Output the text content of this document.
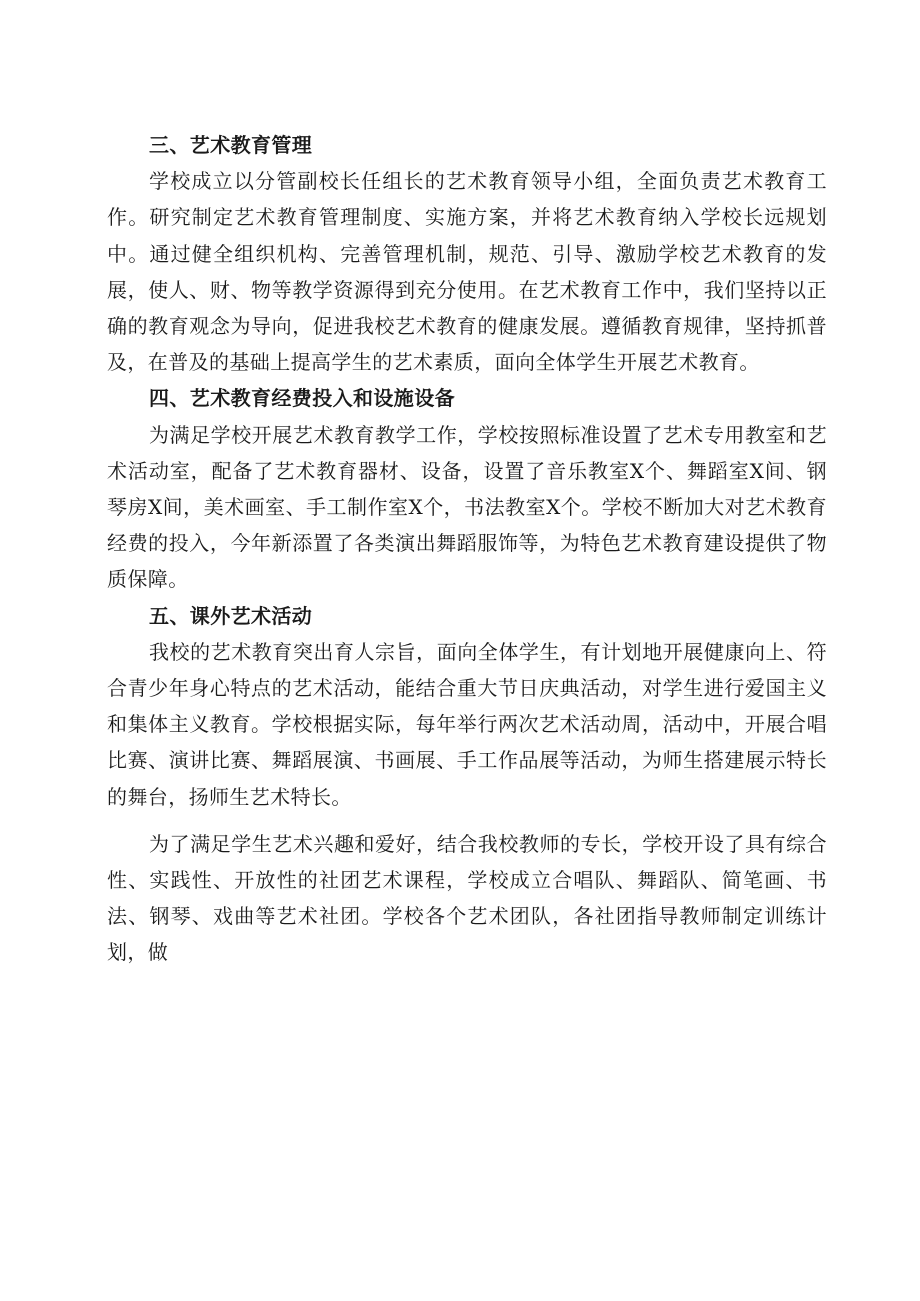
三、艺术教育管理

学校成立以分管副校长任组长的艺术教育领导小组，全面负责艺术教育工作。研究制定艺术教育管理制度、实施方案，并将艺术教育纳入学校长远规划中。通过健全组织机构、完善管理机制，规范、引导、激励学校艺术教育的发展，使人、财、物等教学资源得到充分使用。在艺术教育工作中，我们坚持以正确的教育观念为导向，促进我校艺术教育的健康发展。遵循教育规律，坚持抓普及，在普及的基础上提高学生的艺术素质，面向全体学生开展艺术教育。

四、艺术教育经费投入和设施设备

为满足学校开展艺术教育教学工作，学校按照标准设置了艺术专用教室和艺术活动室，配备了艺术教育器材、设备，设置了音乐教室X个、舞蹈室X间、钢琴房X间，美术画室、手工制作室X个，书法教室X个。学校不断加大对艺术教育经费的投入，今年新添置了各类演出舞蹈服饰等，为特色艺术教育建设提供了物质保障。

五、课外艺术活动

我校的艺术教育突出育人宗旨，面向全体学生，有计划地开展健康向上、符合青少年身心特点的艺术活动，能结合重大节日庆典活动，对学生进行爱国主义和集体主义教育。学校根据实际，每年举行两次艺术活动周，活动中，开展合唱比赛、演讲比赛、舞蹈展演、书画展、手工作品展等活动，为师生搭建展示特长的舞台，扬师生艺术特长。

为了满足学生艺术兴趣和爱好，结合我校教师的专长，学校开设了具有综合性、实践性、开放性的社团艺术课程，学校成立合唱队、舞蹈队、简笔画、书法、钢琴、戏曲等艺术社团。学校各个艺术团队，各社团指导教师制定训练计划，做
